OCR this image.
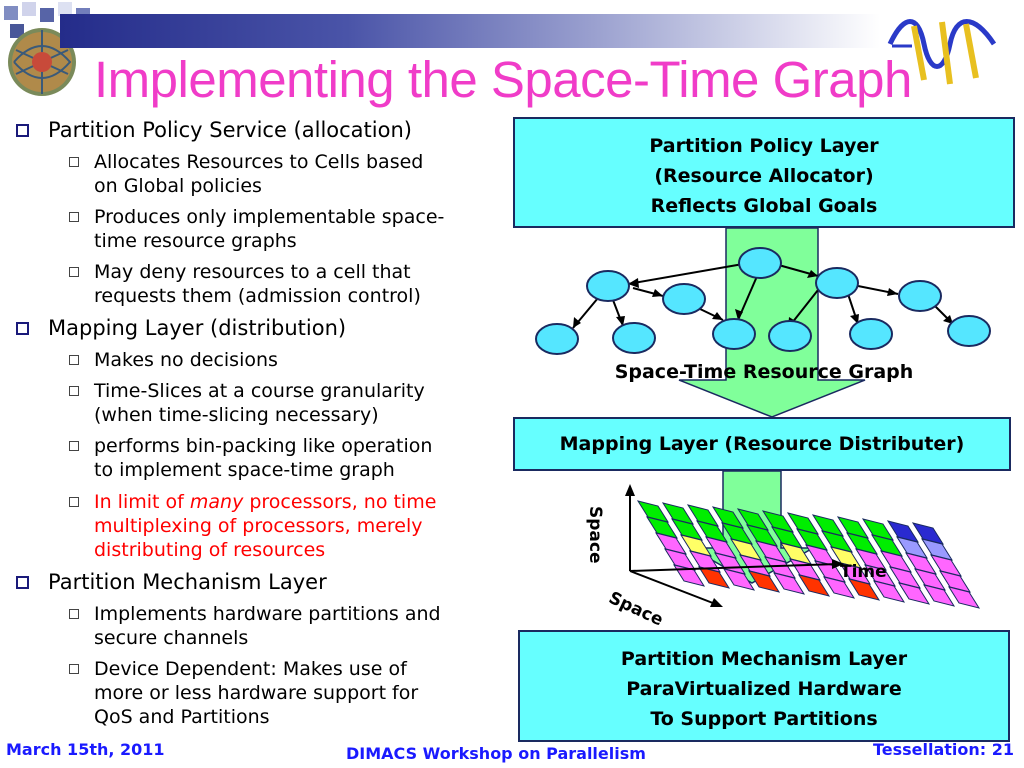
Implementing the Space-Time Graph
Partition Policy Service (allocation)
Allocates Resources to Cells based
on Global policies
Produces only implementable space-
time resource graphs
May deny resources to a cell that
requests them (admission control)
Mapping Layer (distribution)
Makes no decisions
Time-Slices at a course granularity
(when time-slicing necessary)
performs bin-packing like operation
to implement space-time graph
In limit of many processors, no time
multiplexing of processors, merely
distributing of resources
Partition Mechanism Layer
Implements hardware partitions and
secure channels
Device Dependent: Makes use of
more or less hardware support for
QoS and Partitions
Space-Time Resource Graph
Space
Time
Space
Partition Policy Layer
(Resource Allocator)
Reflects Global Goals
Mapping Layer (Resource Distributer)
Partition Mechanism Layer
ParaVirtualized Hardware
To Support Partitions
March 15th, 2011	DIMACS Workshop on Parallelism	Tessellation: 21
